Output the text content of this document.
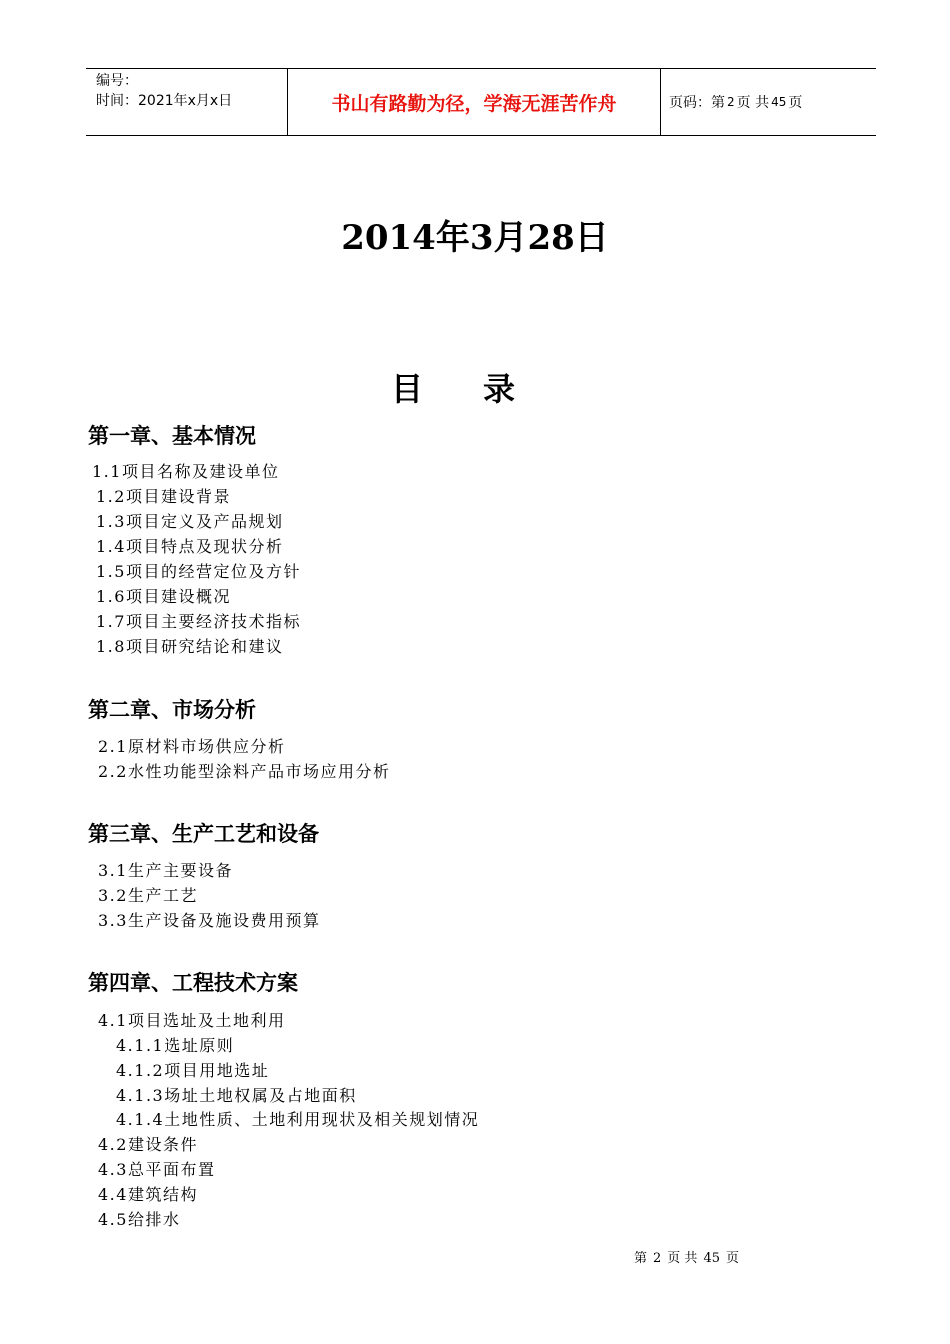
编号：
时间：2021年x月x日	书山有路勤为径，学海无涯苦作舟	页码：第 2 页 共 45 页
2014年3月28日
目录
第一章、基本情况
1.1项目名称及建设单位
1.2项目建设背景
1.3项目定义及产品规划
1.4项目特点及现状分析
1.5项目的经营定位及方针
1.6项目建设概况
1.7项目主要经济技术指标
1.8项目研究结论和建议
第二章、市场分析
2.1原材料市场供应分析
2.2水性功能型涂料产品市场应用分析
第三章、生产工艺和设备
3.1生产主要设备
3.2生产工艺
3.3生产设备及施设费用预算
第四章、工程技术方案
4.1项目选址及土地利用
4.1.1选址原则
4.1.2项目用地选址
4.1.3场址土地权属及占地面积
4.1.4土地性质、土地利用现状及相关规划情况
4.2建设条件
4.3总平面布置
4.4建筑结构
4.5给排水
第 2 页 共 45 页
